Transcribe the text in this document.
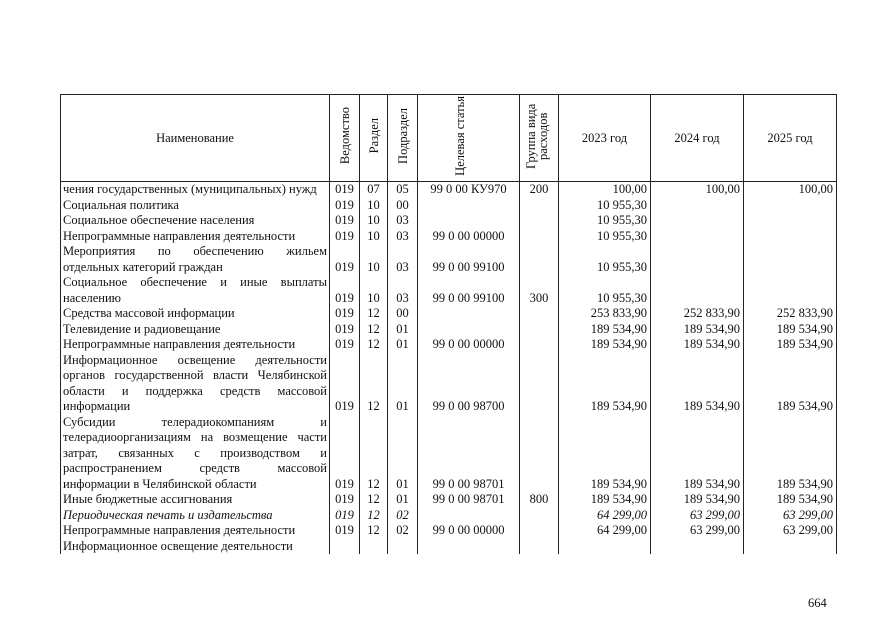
Наименование	Ведомство	Раздел	Подраздел	Целевая статья	Группа вида расходов	2023 год	2024 год	2025 год
чения государственных (муниципальных) нужд	019	07	05	99 0 00 КУ970	200	100,00	100,00	100,00
Социальная политика	019	10	00			10 955,30		
Социальное обеспечение населения	019	10	03			10 955,30		
Непрограммные направления деятельности	019	10	03	99 0 00 00000		10 955,30		
Мероприятия по обеспечению жильем отдельных категорий граждан	019	10	03	99 0 00 99100		10 955,30		
Социальное обеспечение и иные выплаты населению	019	10	03	99 0 00 99100	300	10 955,30		
Средства массовой информации	019	12	00			253 833,90	252 833,90	252 833,90
Телевидение и радиовещание	019	12	01			189 534,90	189 534,90	189 534,90
Непрограммные направления деятельности	019	12	01	99 0 00 00000		189 534,90	189 534,90	189 534,90
Информационное освещение деятельности органов государственной власти Челябинской области и поддержка средств массовой информации	019	12	01	99 0 00 98700		189 534,90	189 534,90	189 534,90
Субсидии телерадиокомпаниям и телерадиоорганизациям на возмещение части затрат, связанных с производством и распространением средств массовой информации в Челябинской области	019	12	01	99 0 00 98701		189 534,90	189 534,90	189 534,90
Иные бюджетные ассигнования	019	12	01	99 0 00 98701	800	189 534,90	189 534,90	189 534,90
Периодическая печать и издательства	019	12	02			64 299,00	63 299,00	63 299,00
Непрограммные направления деятельности	019	12	02	99 0 00 00000		64 299,00	63 299,00	63 299,00
Информационное освещение деятельности								
664
